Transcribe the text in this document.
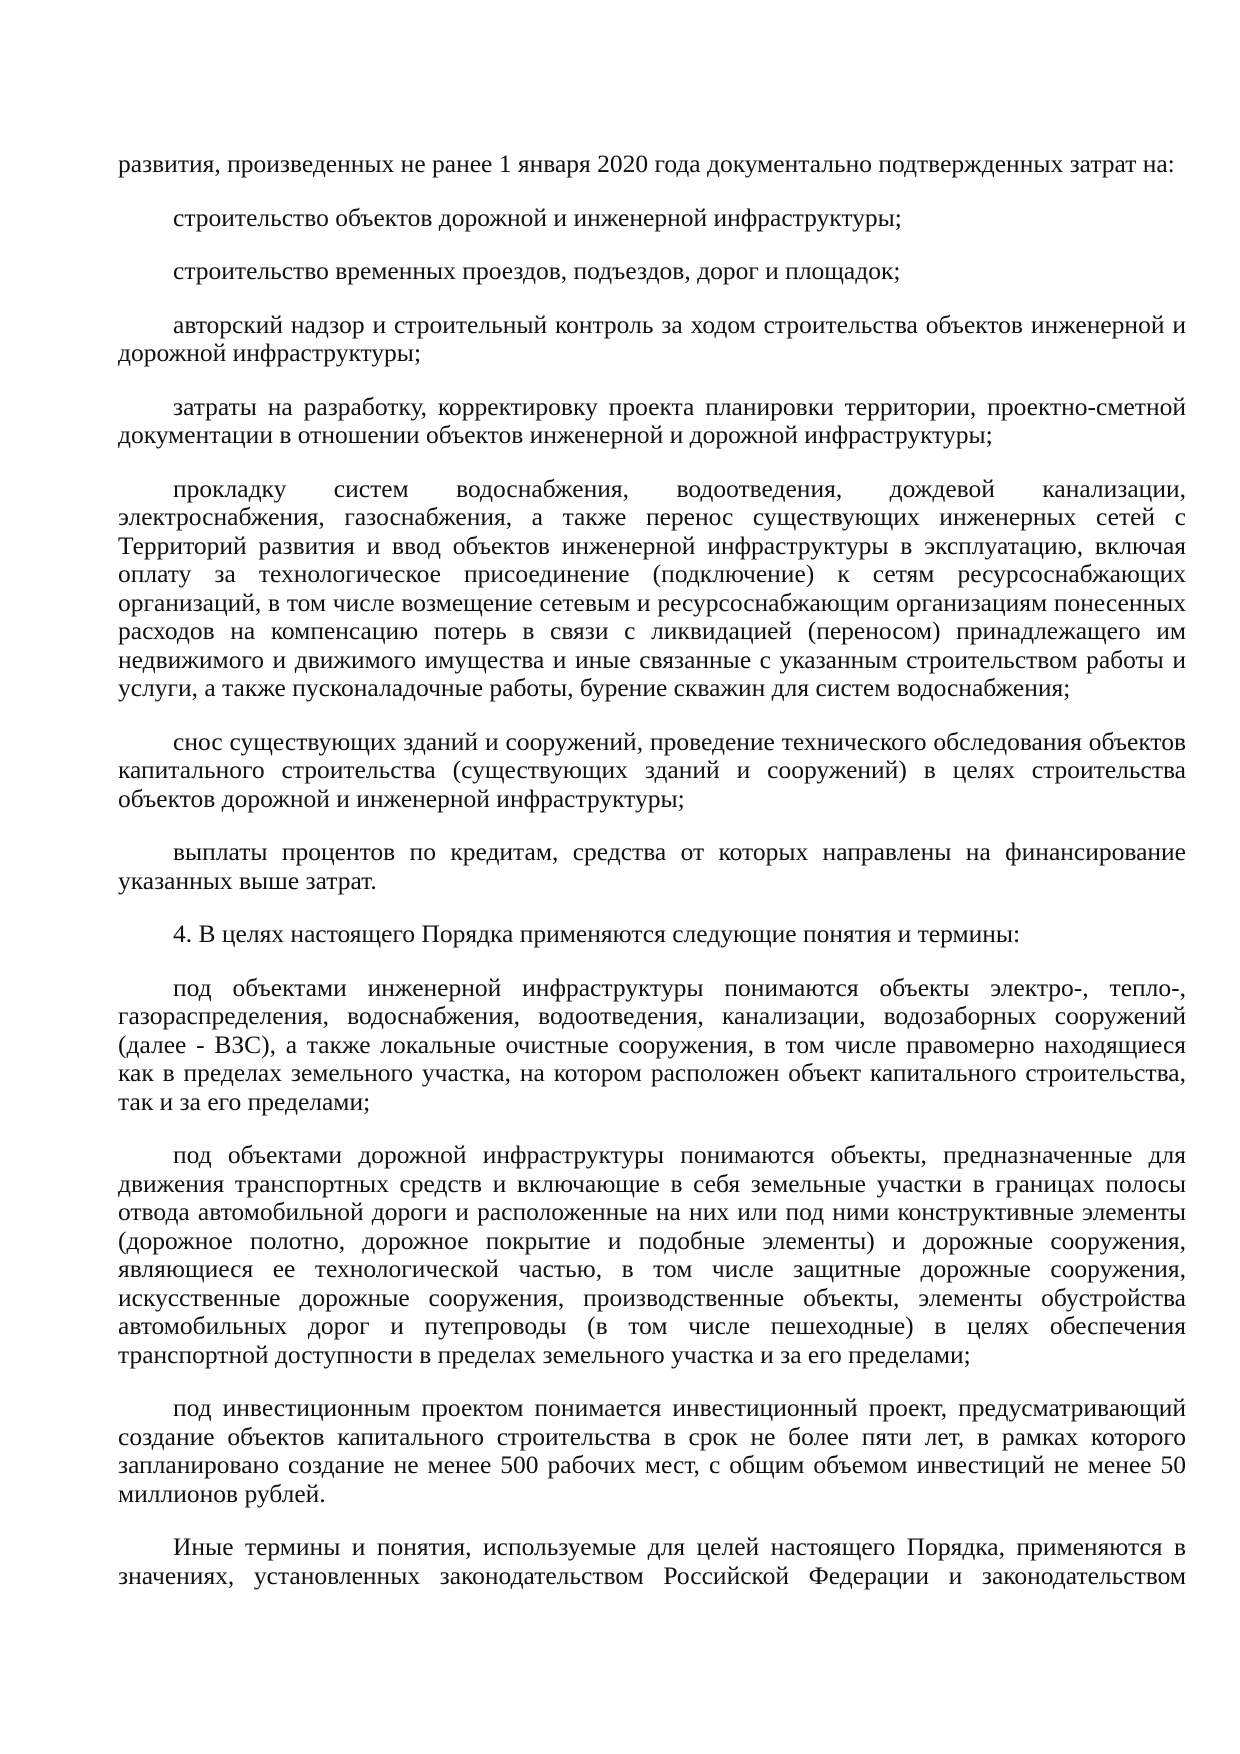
развития, произведенных не ранее 1 января 2020 года документально подтвержденных затрат на:

строительство объектов дорожной и инженерной инфраструктуры;

строительство временных проездов, подъездов, дорог и площадок;

авторский надзор и строительный контроль за ходом строительства объектов инженерной и дорожной инфраструктуры;

затраты на разработку, корректировку проекта планировки территории, проектно-сметной документации в отношении объектов инженерной и дорожной инфраструктуры;

прокладку систем водоснабжения, водоотведения, дождевой канализации, электроснабжения, газоснабжения, а также перенос существующих инженерных сетей с Территорий развития и ввод объектов инженерной инфраструктуры в эксплуатацию, включая оплату за технологическое присоединение (подключение) к сетям ресурсоснабжающих организаций, в том числе возмещение сетевым и ресурсоснабжающим организациям понесенных расходов на компенсацию потерь в связи с ликвидацией (переносом) принадлежащего им недвижимого и движимого имущества и иные связанные с указанным строительством работы и услуги, а также пусконаладочные работы, бурение скважин для систем водоснабжения;

снос существующих зданий и сооружений, проведение технического обследования объектов капитального строительства (существующих зданий и сооружений) в целях строительства объектов дорожной и инженерной инфраструктуры;

выплаты процентов по кредитам, средства от которых направлены на финансирование указанных выше затрат.

4. В целях настоящего Порядка применяются следующие понятия и термины:

под объектами инженерной инфраструктуры понимаются объекты электро-, тепло-, газораспределения, водоснабжения, водоотведения, канализации, водозаборных сооружений (далее - ВЗС), а также локальные очистные сооружения, в том числе правомерно находящиеся как в пределах земельного участка, на котором расположен объект капитального строительства, так и за его пределами;

под объектами дорожной инфраструктуры понимаются объекты, предназначенные для движения транспортных средств и включающие в себя земельные участки в границах полосы отвода автомобильной дороги и расположенные на них или под ними конструктивные элементы (дорожное полотно, дорожное покрытие и подобные элементы) и дорожные сооружения, являющиеся ее технологической частью, в том числе защитные дорожные сооружения, искусственные дорожные сооружения, производственные объекты, элементы обустройства автомобильных дорог и путепроводы (в том числе пешеходные) в целях обеспечения транспортной доступности в пределах земельного участка и за его пределами;

под инвестиционным проектом понимается инвестиционный проект, предусматривающий создание объектов капитального строительства в срок не более пяти лет, в рамках которого запланировано создание не менее 500 рабочих мест, с общим объемом инвестиций не менее 50 миллионов рублей.

Иные термины и понятия, используемые для целей настоящего Порядка, применяются в значениях, установленных законодательством Российской Федерации и законодательством
